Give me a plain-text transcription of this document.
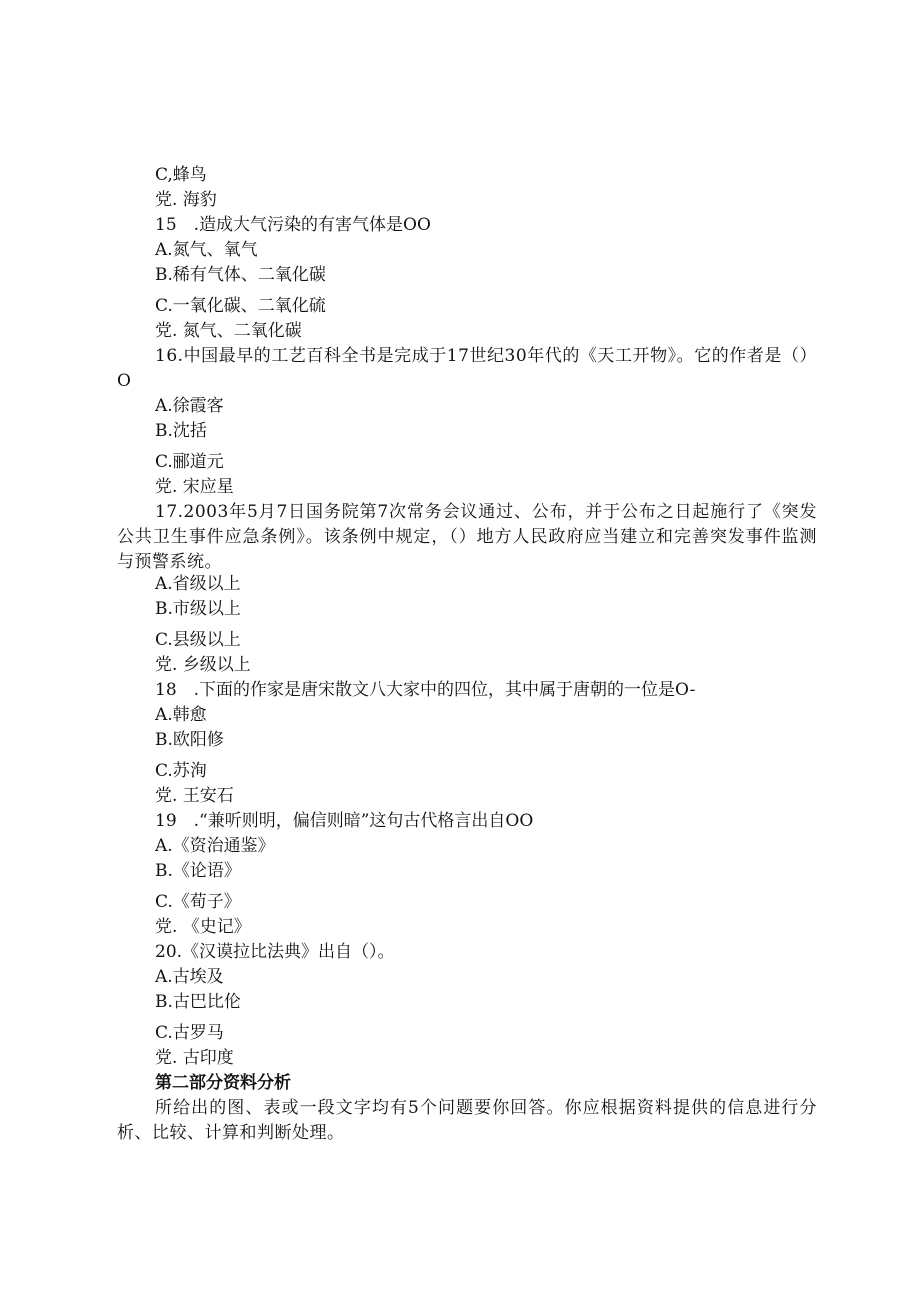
C,蜂鸟
党. 海豹
15　.造成大气污染的有害气体是OO
A.氮气、氧气
B.稀有气体、二氧化碳
C.一氧化碳、二氧化硫
党. 氮气、二氧化碳
16.中国最早的工艺百科全书是完成于17世纪30年代的《天工开物》。它的作者是（）O
A.徐霞客
B.沈括
C.郦道元
党. 宋应星
17.2003年5月7日国务院第7次常务会议通过、公布，并于公布之日起施行了《突发公共卫生事件应急条例》。该条例中规定，（）地方人民政府应当建立和完善突发事件监测与预警系统。
A.省级以上
B.市级以上
C.县级以上
党. 乡级以上
18　.下面的作家是唐宋散文八大家中的四位，其中属于唐朝的一位是O-
A.韩愈
B.欧阳修
C.苏洵
党. 王安石
19　.“兼听则明，偏信则暗”这句古代格言出自OO
A.《资治通鉴》
B.《论语》
C.《荀子》
党. 《史记》
20.《汉谟拉比法典》出自（）。
A.古埃及
B.古巴比伦
C.古罗马
党. 古印度
第二部分资料分析
所给出的图、表或一段文字均有5个问题要你回答。你应根据资料提供的信息进行分析、比较、计算和判断处理。
